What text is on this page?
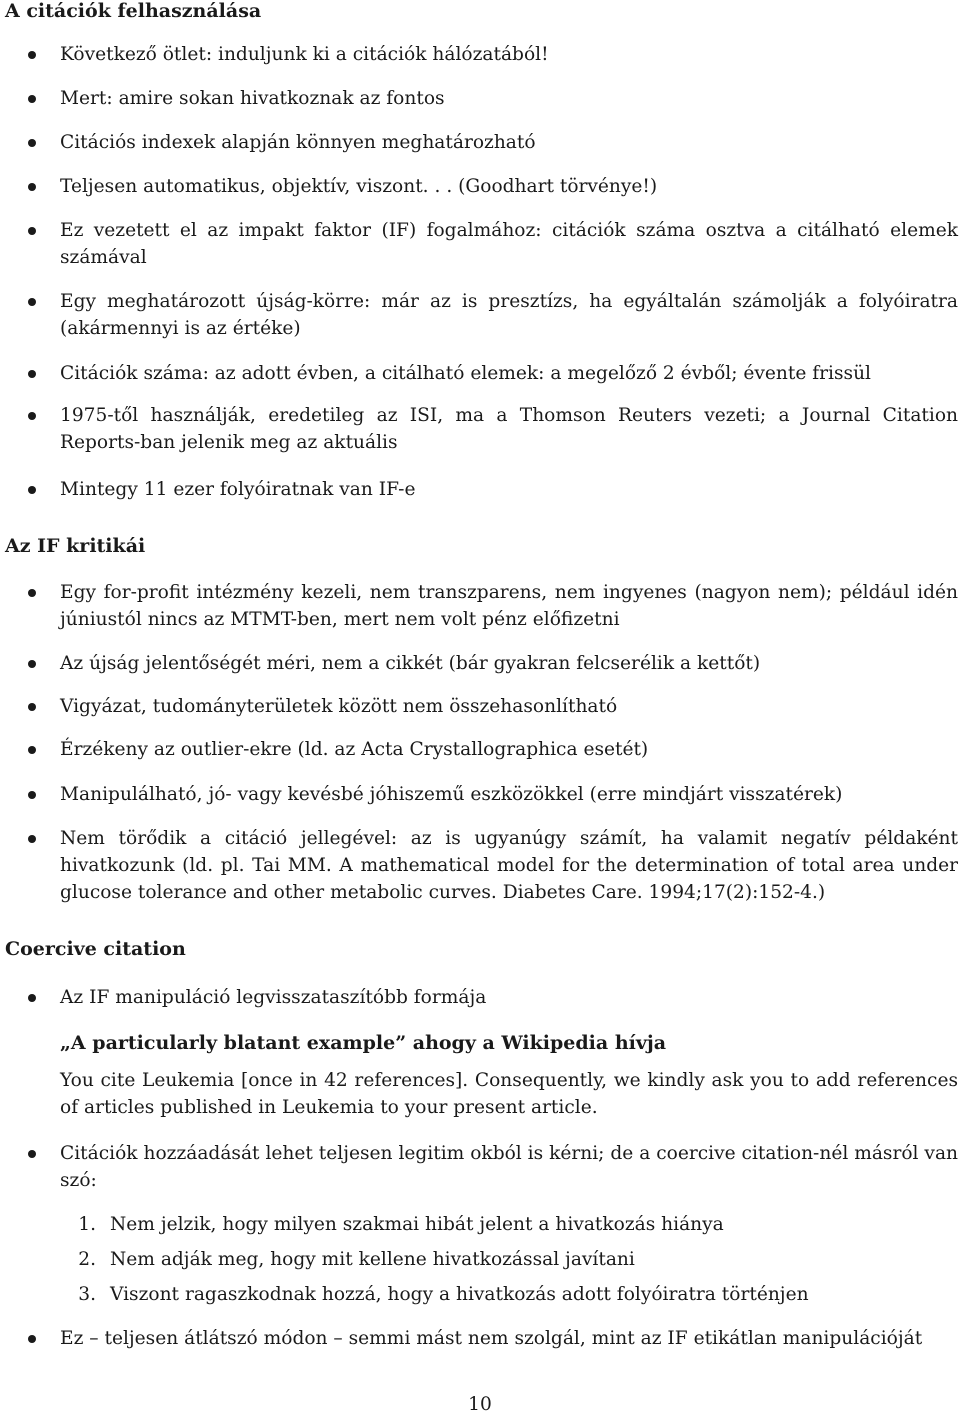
A citációk felhasználása

Következő ötlet: induljunk ki a citációk hálózatából!

Mert: amire sokan hivatkoznak az fontos

Citációs indexek alapján könnyen meghatározható

Teljesen automatikus, objektív, viszont. . . (Goodhart törvénye!)

Ez vezetett el az impakt faktor (IF) fogalmához: citációk száma osztva a citálható elemek számával

Egy meghatározott újság-körre: már az is presztízs, ha egyáltalán számolják a folyóiratra (akármennyi is az értéke)

Citációk száma: az adott évben, a citálható elemek: a megelőző 2 évből; évente frissül

1975-től használják, eredetileg az ISI, ma a Thomson Reuters vezeti; a Journal Citation Reports-ban jelenik meg az aktuális

Mintegy 11 ezer folyóiratnak van IF-e

Az IF kritikái

Egy for-profit intézmény kezeli, nem transzparens, nem ingyenes (nagyon nem); például idén júniustól nincs az MTMT-ben, mert nem volt pénz előfizetni

Az újság jelentőségét méri, nem a cikkét (bár gyakran felcserélik a kettőt)

Vigyázat, tudományterületek között nem összehasonlítható

Érzékeny az outlier-ekre (ld. az Acta Crystallographica esetét)

Manipulálható, jó- vagy kevésbé jóhiszemű eszközökkel (erre mindjárt visszatérek)

Nem törődik a citáció jellegével: az is ugyanúgy számít, ha valamit negatív példaként hivatkozunk (ld. pl. Tai MM. A mathematical model for the determination of total area under glucose tolerance and other metabolic curves. Diabetes Care. 1994;17(2):152-4.)

Coercive citation

Az IF manipuláció legvisszataszítóbb formája

„A particularly blatant example” ahogy a Wikipedia hívja
You cite Leukemia [once in 42 references]. Consequently, we kindly ask you to add references of articles published in Leukemia to your present article.

Citációk hozzáadását lehet teljesen legitim okból is kérni; de a coercive citation-nél másról van szó:

1. Nem jelzik, hogy milyen szakmai hibát jelent a hivatkozás hiánya
2. Nem adják meg, hogy mit kellene hivatkozással javítani
3. Viszont ragaszkodnak hozzá, hogy a hivatkozás adott folyóiratra történjen

Ez – teljesen átlátszó módon – semmi mást nem szolgál, mint az IF etikátlan manipulációját

10
